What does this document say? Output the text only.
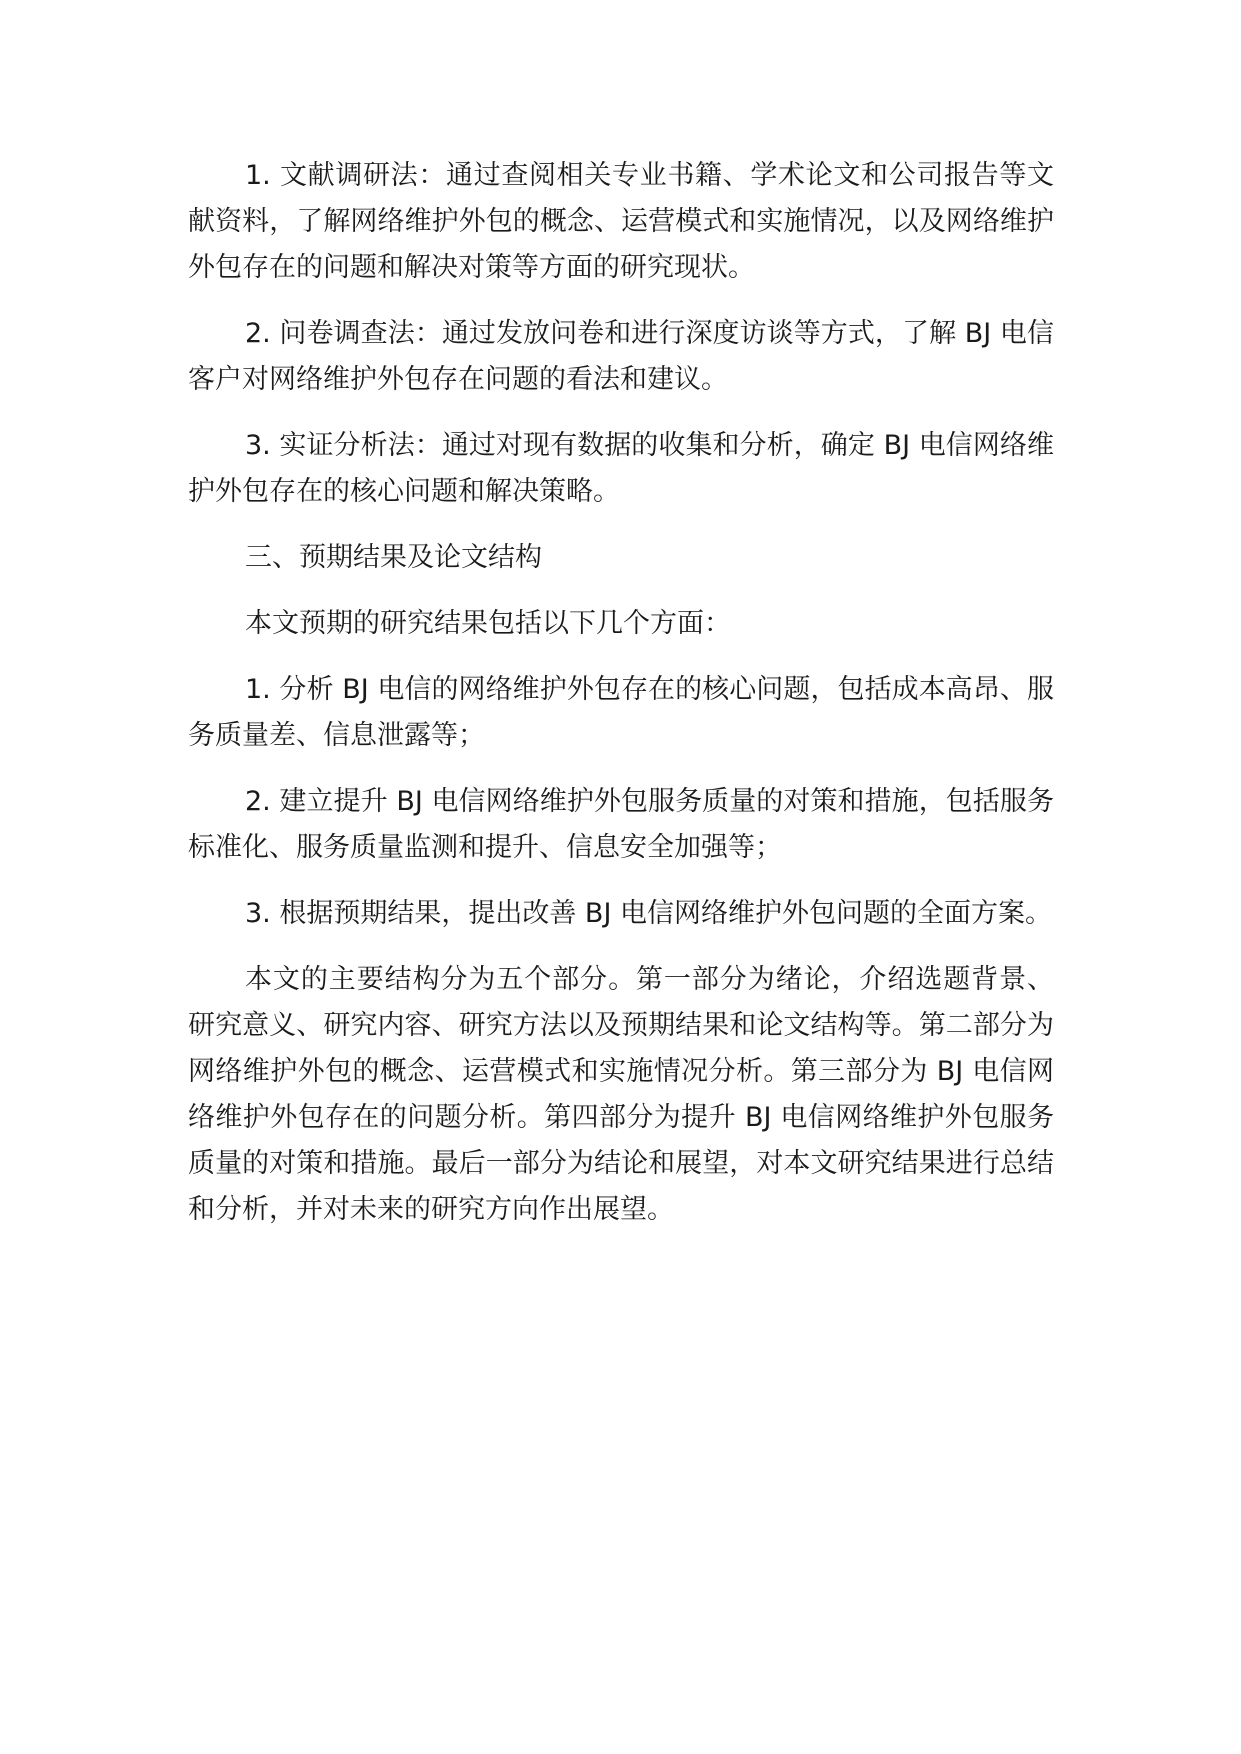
1. 文献调研法：通过查阅相关专业书籍、学术论文和公司报告等文献资料，了解网络维护外包的概念、运营模式和实施情况，以及网络维护外包存在的问题和解决对策等方面的研究现状。

2. 问卷调查法：通过发放问卷和进行深度访谈等方式，了解 BJ 电信客户对网络维护外包存在问题的看法和建议。

3. 实证分析法：通过对现有数据的收集和分析，确定 BJ 电信网络维护外包存在的核心问题和解决策略。

三、预期结果及论文结构

本文预期的研究结果包括以下几个方面：

1. 分析 BJ 电信的网络维护外包存在的核心问题，包括成本高昂、服务质量差、信息泄露等；

2. 建立提升 BJ 电信网络维护外包服务质量的对策和措施，包括服务标准化、服务质量监测和提升、信息安全加强等；

3. 根据预期结果，提出改善 BJ 电信网络维护外包问题的全面方案。

本文的主要结构分为五个部分。第一部分为绪论，介绍选题背景、研究意义、研究内容、研究方法以及预期结果和论文结构等。第二部分为网络维护外包的概念、运营模式和实施情况分析。第三部分为 BJ 电信网络维护外包存在的问题分析。第四部分为提升 BJ 电信网络维护外包服务质量的对策和措施。最后一部分为结论和展望，对本文研究结果进行总结和分析，并对未来的研究方向作出展望。
